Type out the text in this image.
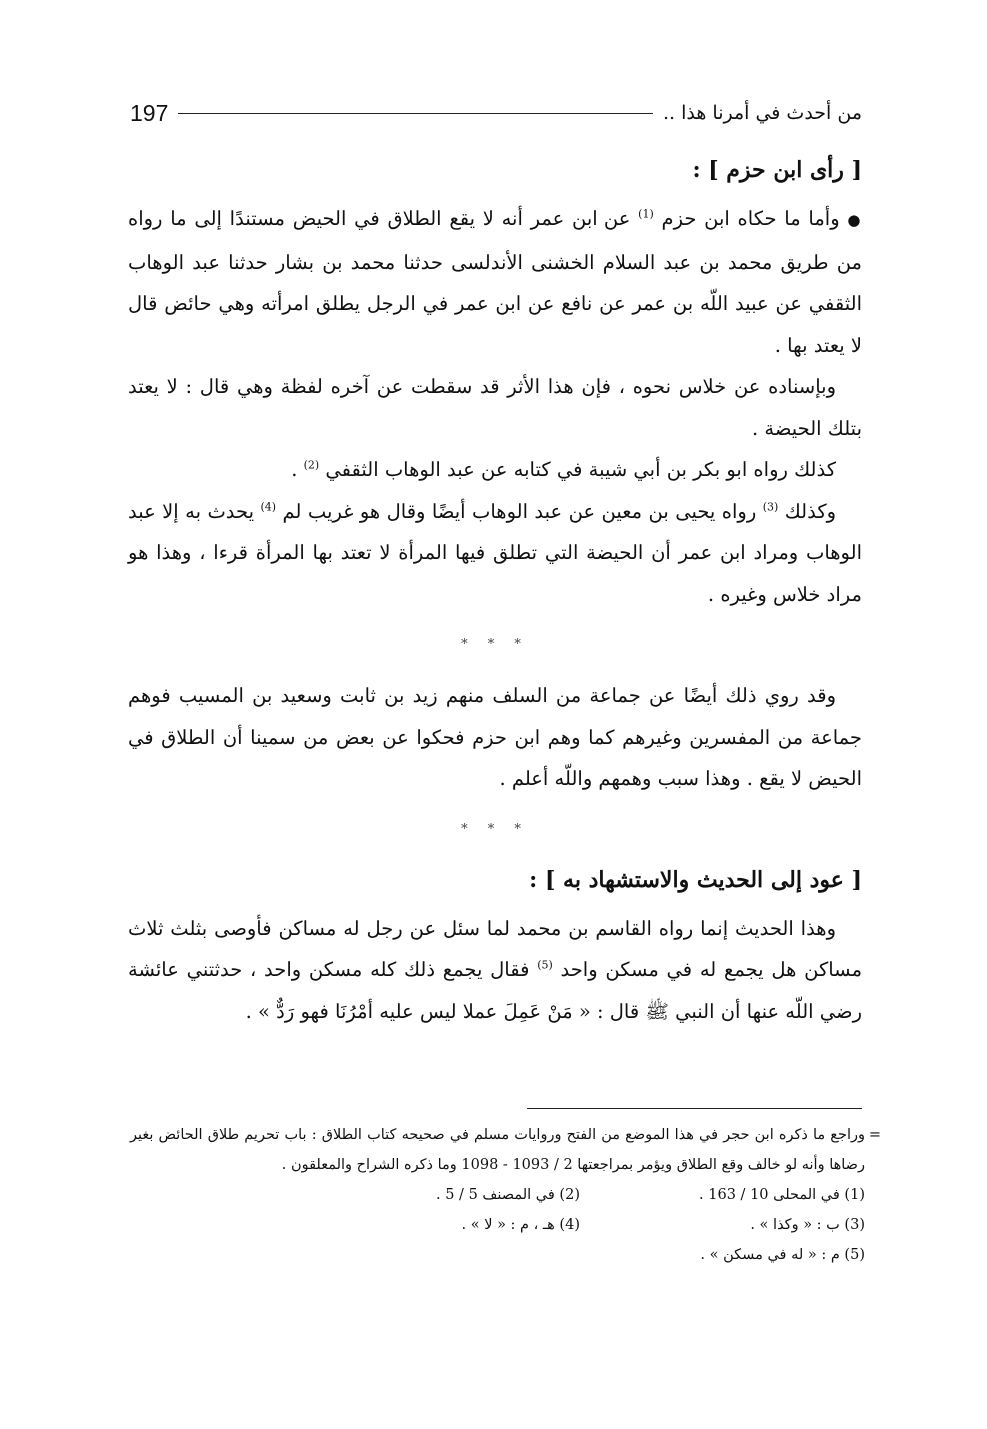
من أحدث في أمرنا هذا ..
197
[ رأى ابن حزم ] :

● وأما ما حكاه ابن حزم $^{(1)}$ عن ابن عمر أنه لا يقع الطلاق في الحيض مستندًا إلى ما رواه من طريق محمد بن عبد السلام الخشنى الأندلسى حدثنا محمد بن بشار حدثنا عبد الوهاب الثقفي عن عبيد اللّه بن عمر عن نافع عن ابن عمر في الرجل يطلق امرأته وهي حائض قال لا يعتد بها .

وبإسناده عن خلاس نحوه ، فإن هذا الأثر قد سقطت عن آخره لفظة وهي قال : لا يعتد بتلك الحيضة .

كذلك رواه ابو بكر بن أبي شيبة في كتابه عن عبد الوهاب الثقفي $^{(2)}$ .

وكذلك $^{(3)}$ رواه يحيى بن معين عن عبد الوهاب أيضًا وقال هو غريب لم $^{(4)}$ يحدث به إلا عبد الوهاب ومراد ابن عمر أن الحيضة التي تطلق فيها المرأة لا تعتد بها المرأة قرءا ، وهذا هو مراد خلاس وغيره .

* * *

وقد روي ذلك أيضًا عن جماعة من السلف منهم زيد بن ثابت وسعيد بن المسيب فوهم جماعة من المفسرين وغيرهم كما وهم ابن حزم فحكوا عن بعض من سمينا أن الطلاق في الحيض لا يقع . وهذا سبب وهمهم واللّه أعلم .

* * *
[ عود إلى الحديث والاستشهاد به ] :

وهذا الحديث إنما رواه القاسم بن محمد لما سئل عن رجل له مساكن فأوصى بثلث ثلاث مساكن هل يجمع له في مسكن واحد $^{(5)}$ فقال يجمع ذلك كله مسكن واحد ، حدثتني عائشة رضي اللّه عنها أن النبي ﷺ قال : « مَنْ عَمِلَ عملا ليس عليه أمْرُنَا فهو رَدٌّ » .

=
وراجع ما ذكره ابن حجر في هذا الموضع من الفتح وروايات مسلم في صحيحه كتاب الطلاق : باب تحريم طلاق الحائض بغير رضاها وأنه لو خالف وقع الطلاق ويؤمر بمراجعتها 2 / 1093 - 1098 وما ذكره الشراح والمعلقون .
(1) في المحلى 10 / 163 .
(2) في المصنف 5 / 5 .
(3) ب : « وكذا » .
(4) هـ ، م : « لا » .
(5) م : « له في مسكن » .
